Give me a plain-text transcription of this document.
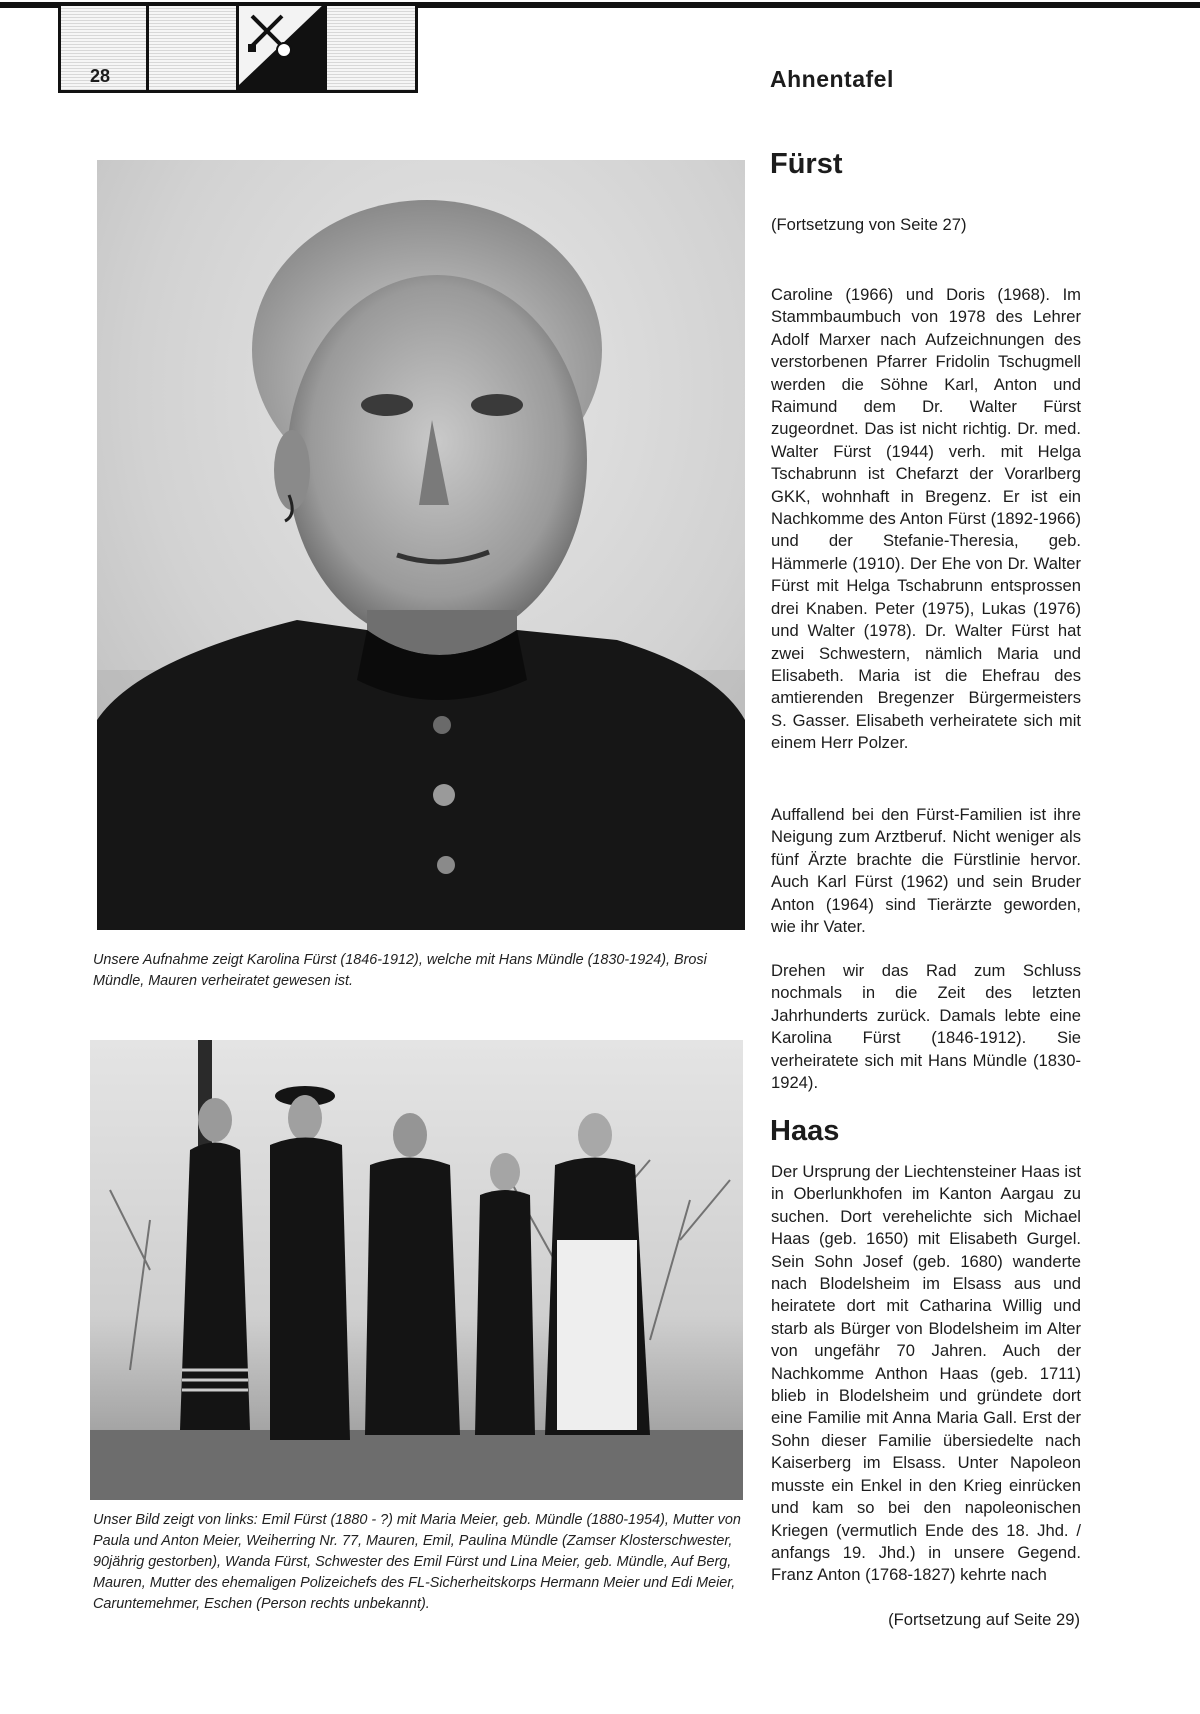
28	Ahnentafel
Unsere Aufnahme zeigt Karolina Fürst (1846-1912), welche mit Hans Mündle (1830-1924), Brosi Mündle, Mauren verheiratet gewesen ist.
Unser Bild zeigt von links: Emil Fürst (1880 - ?) mit Maria Meier, geb. Mündle (1880-1954), Mutter von Paula und Anton Meier, Weiherring Nr. 77, Mauren, Emil, Paulina Mündle (Zamser Klosterschwester, 90jährig gestorben), Wanda Fürst, Schwester des Emil Fürst und Lina Meier, geb. Mündle, Auf Berg, Mauren, Mutter des ehemaligen Polizeichefs des FL-Sicherheitskorps Hermann Meier und Edi Meier, Caruntemehmer, Eschen (Person rechts unbekannt).
Fürst
(Fortsetzung von Seite 27)

Caroline (1966) und Doris (1968). Im Stammbaumbuch von 1978 des Lehrer Adolf Marxer nach Aufzeichnungen des verstorbenen Pfarrer Fridolin Tschugmell werden die Söhne Karl, Anton und Raimund dem Dr. Walter Fürst zugeordnet. Das ist nicht richtig. Dr. med. Walter Fürst (1944) verh. mit Helga Tschabrunn ist Chefarzt der Vorarlberg GKK, wohnhaft in Bregenz. Er ist ein Nachkomme des Anton Fürst (1892-1966) und der Stefanie-Theresia, geb. Hämmerle (1910). Der Ehe von Dr. Walter Fürst mit Helga Tschabrunn entsprossen drei Knaben. Peter (1975), Lukas (1976) und Walter (1978). Dr. Walter Fürst hat zwei Schwestern, nämlich Maria und Elisabeth. Maria ist die Ehefrau des amtierenden Bregenzer Bürgermeisters S. Gasser. Elisabeth verheiratete sich mit einem Herr Polzer.

Auffallend bei den Fürst-Familien ist ihre Neigung zum Arztberuf. Nicht weniger als fünf Ärzte brachte die Fürstlinie hervor. Auch Karl Fürst (1962) und sein Bruder Anton (1964) sind Tierärzte geworden, wie ihr Vater.

Drehen wir das Rad zum Schluss nochmals in die Zeit des letzten Jahrhunderts zurück. Damals lebte eine Karolina Fürst (1846-1912). Sie verheiratete sich mit Hans Mündle (1830-1924).

Haas

Der Ursprung der Liechtensteiner Haas ist in Oberlunkhofen im Kanton Aargau zu suchen. Dort verehelichte sich Michael Haas (geb. 1650) mit Elisabeth Gurgel. Sein Sohn Josef (geb. 1680) wanderte nach Blodelsheim im Elsass aus und heiratete dort mit Catharina Willig und starb als Bürger von Blodelsheim im Alter von ungefähr 70 Jahren. Auch der Nachkomme Anthon Haas (geb. 1711) blieb in Blodelsheim und gründete dort eine Familie mit Anna Maria Gall. Erst der Sohn dieser Familie übersiedelte nach Kaiserberg im Elsass. Unter Napoleon musste ein Enkel in den Krieg einrücken und kam so bei den napoleonischen Kriegen (vermutlich Ende des 18. Jhd. / anfangs 19. Jhd.) in unsere Gegend. Franz Anton (1768-1827) kehrte nach

(Fortsetzung auf Seite 29)
